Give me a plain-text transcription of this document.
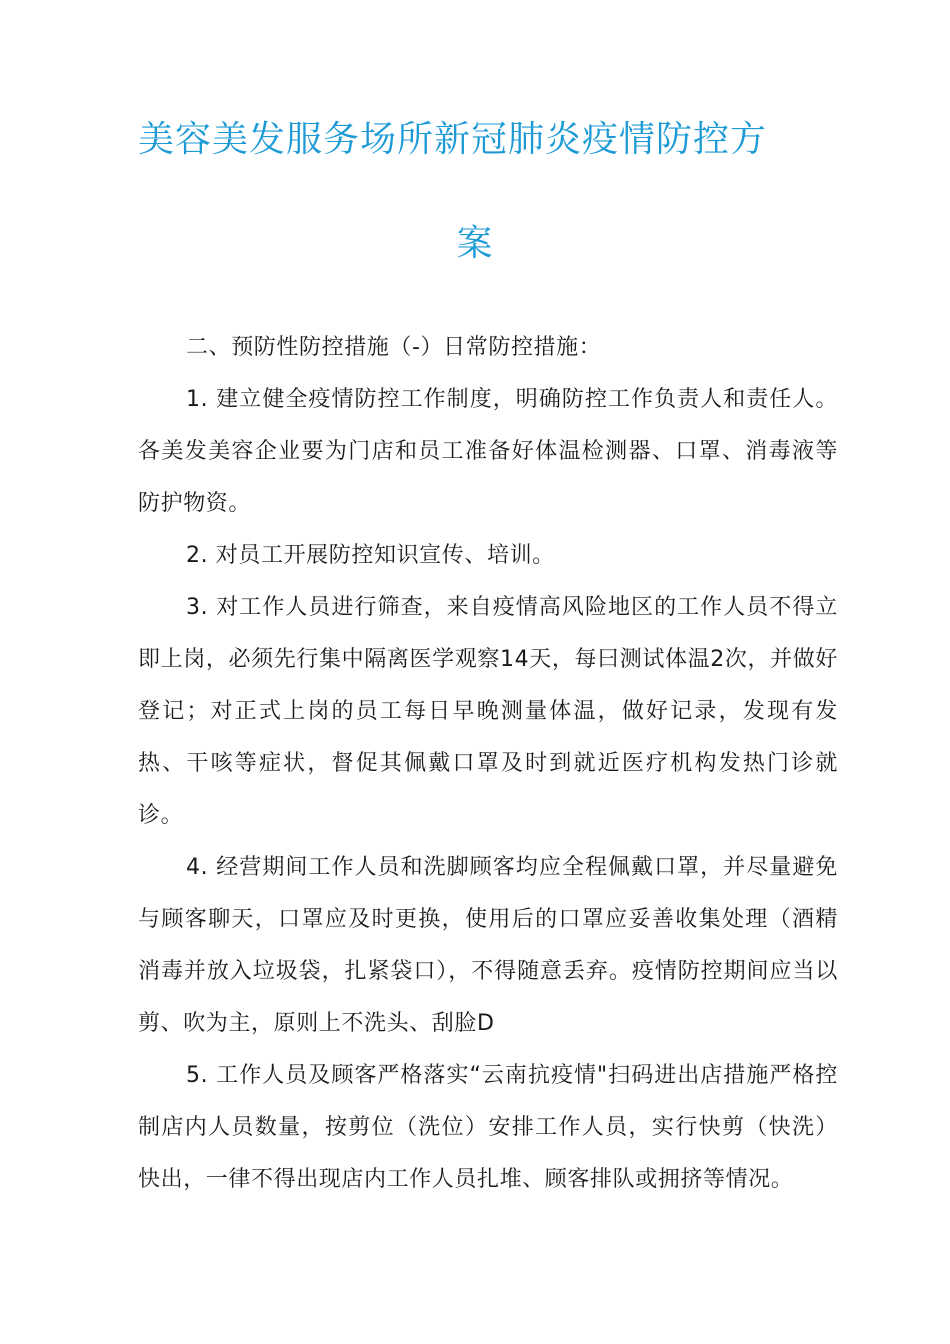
美容美发服务场所新冠肺炎疫情防控方
案

二、预防性防控措施（-）日常防控措施：

1. 建立健全疫情防控工作制度，明确防控工作负责人和责任人。各美发美容企业要为门店和员工准备好体温检测器、口罩、消毒液等防护物资。

2. 对员工开展防控知识宣传、培训。

3. 对工作人员进行筛查，来自疫情高风险地区的工作人员不得立即上岗，必须先行集中隔离医学观察14天，每曰测试体温2次，并做好登记；对正式上岗的员工每日早晚测量体温，做好记录，发现有发热、干咳等症状，督促其佩戴口罩及时到就近医疗机构发热门诊就诊。

4. 经营期间工作人员和洗脚顾客均应全程佩戴口罩，并尽量避免与顾客聊天，口罩应及时更换，使用后的口罩应妥善收集处理（酒精消毒并放入垃圾袋，扎紧袋口），不得随意丢弃。疫情防控期间应当以剪、吹为主，原则上不洗头、刮脸D

5. 工作人员及顾客严格落实“云南抗疫情"扫码进出店措施严格控制店内人员数量，按剪位（洗位）安排工作人员，实行快剪（快洗）快出，一律不得出现店内工作人员扎堆、顾客排队或拥挤等情况。
